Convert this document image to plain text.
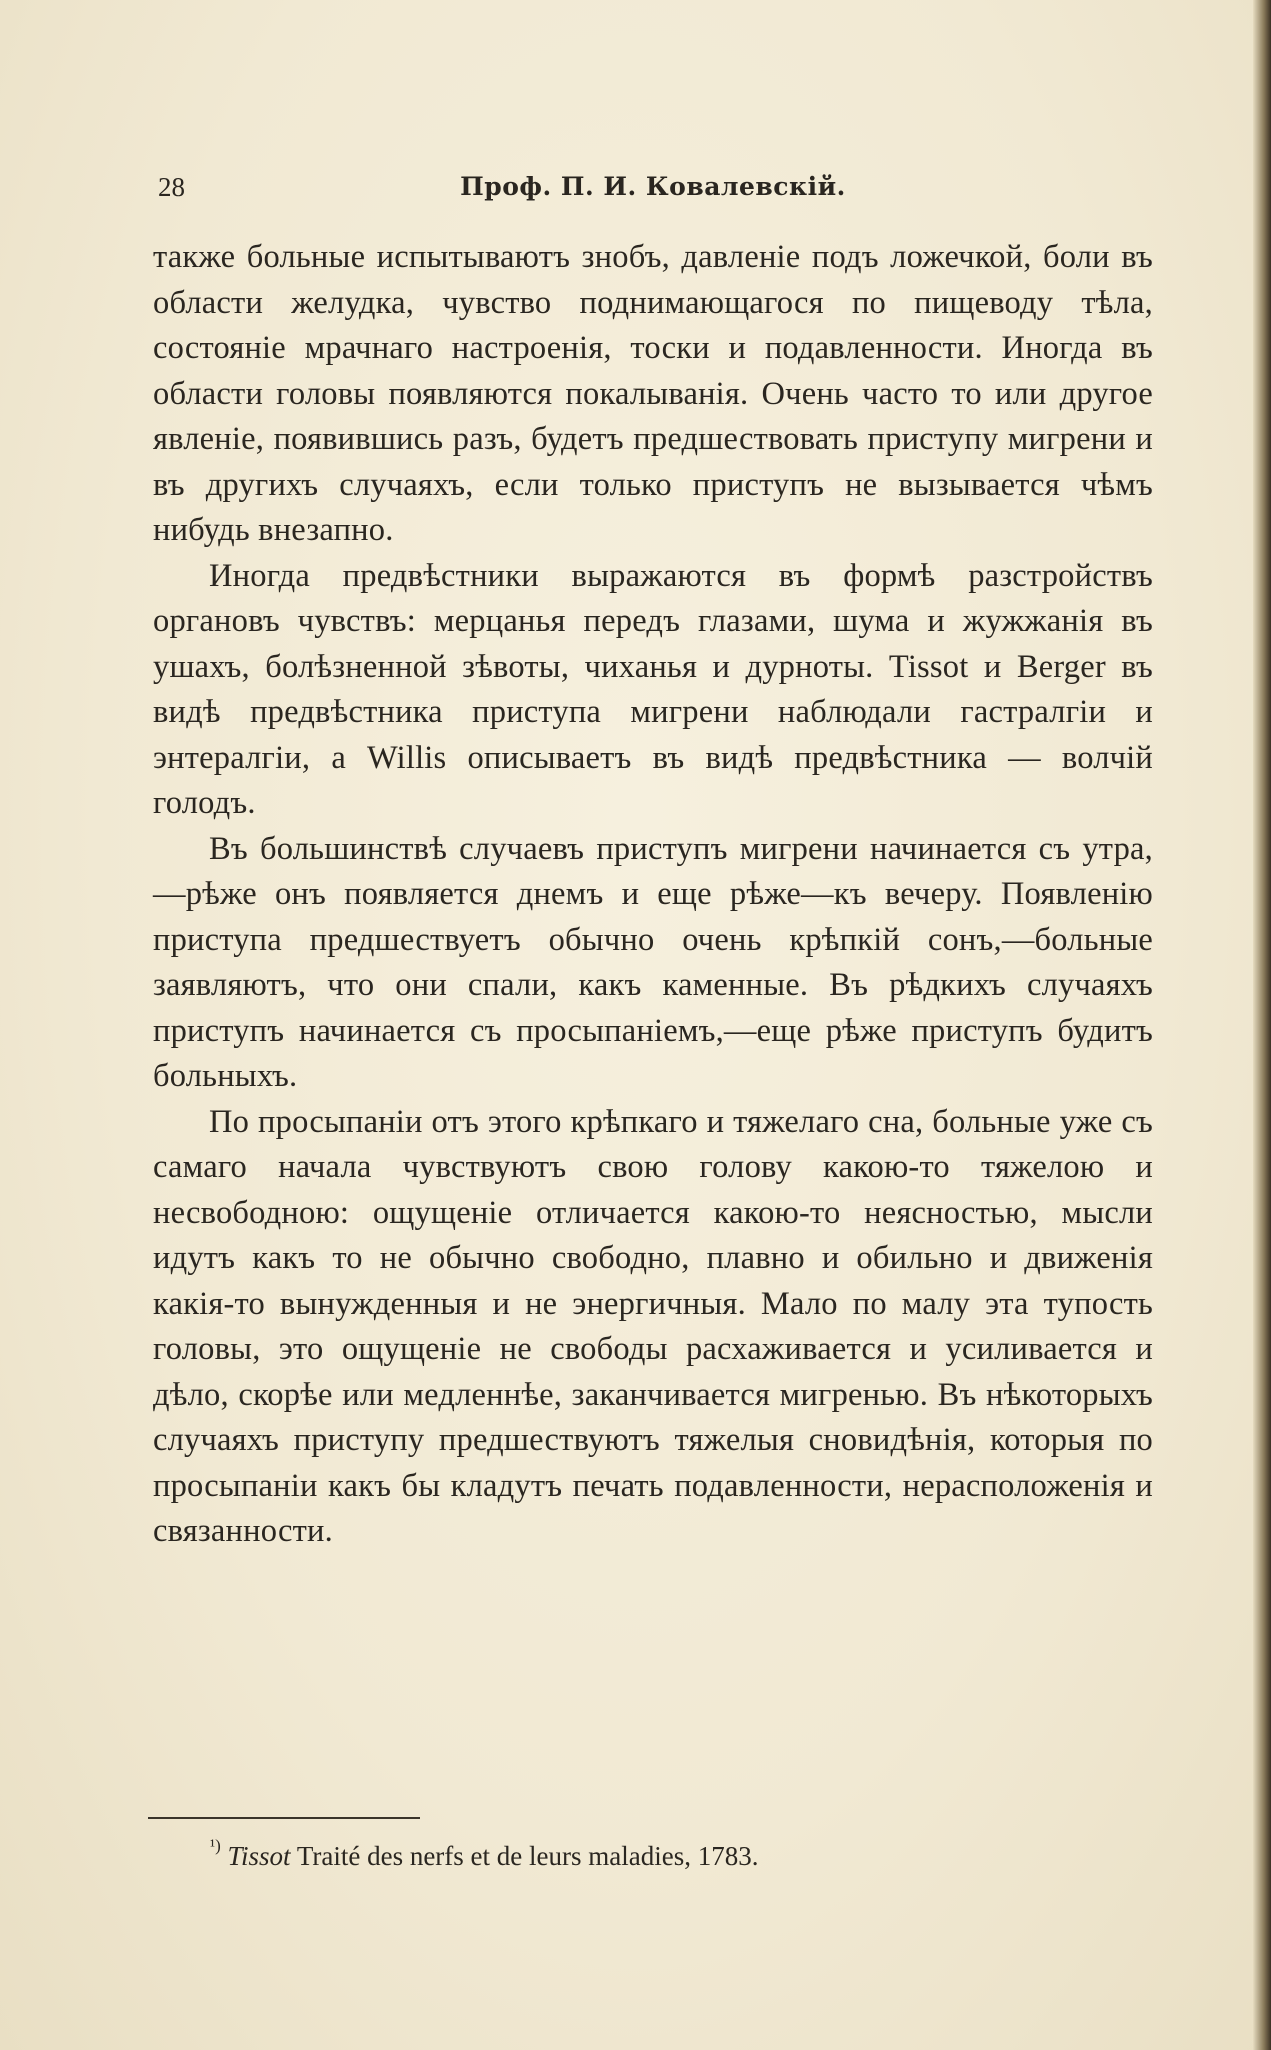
28	Проф. П. И. Ковалевскій.

также больные испытываютъ знобъ, давленіе подъ ложечкой, боли въ области желудка, чувство поднимающагося по пищеводу тѣла, состояніе мрачнаго настроенія, тоски и подавленности. Иногда въ области головы появляются покалыванія. Очень часто то или другое явленіе, появившись разъ, будетъ предшествовать приступу мигрени и въ другихъ случаяхъ, если только приступъ не вызывается чѣмъ нибудь внезапно.

Иногда предвѣстники выражаются въ формѣ разстройствъ органовъ чувствъ: мерцанья передъ глазами, шума и жужжанія въ ушахъ, болѣзненной зѣвоты, чиханья и дурноты. Tissot и Berger въ видѣ предвѣстника приступа мигрени наблюдали гастралгіи и энтералгіи, а Willis описываетъ въ видѣ предвѣстника — волчій голодъ.

Въ большинствѣ случаевъ приступъ мигрени начинается съ утра,—рѣже онъ появляется днемъ и еще рѣже—къ вечеру. Появленію приступа предшествуетъ обычно очень крѣпкій сонъ,—больные заявляютъ, что они спали, какъ каменные. Въ рѣдкихъ случаяхъ приступъ начинается съ просыпаніемъ,—еще рѣже приступъ будитъ больныхъ.

По просыпаніи отъ этого крѣпкаго и тяжелаго сна, больные уже съ самаго начала чувствуютъ свою голову какою-то тяжелою и несвободною: ощущеніе отличается какою-то неясностью, мысли идутъ какъ то не обычно свободно, плавно и обильно и движенія какія-то вынужденныя и не энергичныя. Мало по малу эта тупость головы, это ощущеніе не свободы расхаживается и усиливается и дѣло, скорѣе или медленнѣе, заканчивается мигренью. Въ нѣкоторыхъ случаяхъ приступу предшествуютъ тяжелыя сновидѣнія, которыя по просыпаніи какъ бы кладутъ печать подавленности, нерасположенія и связанности.

$^{^1)}$ Tissot Traité des nerfs et de leurs maladies, 1783.
